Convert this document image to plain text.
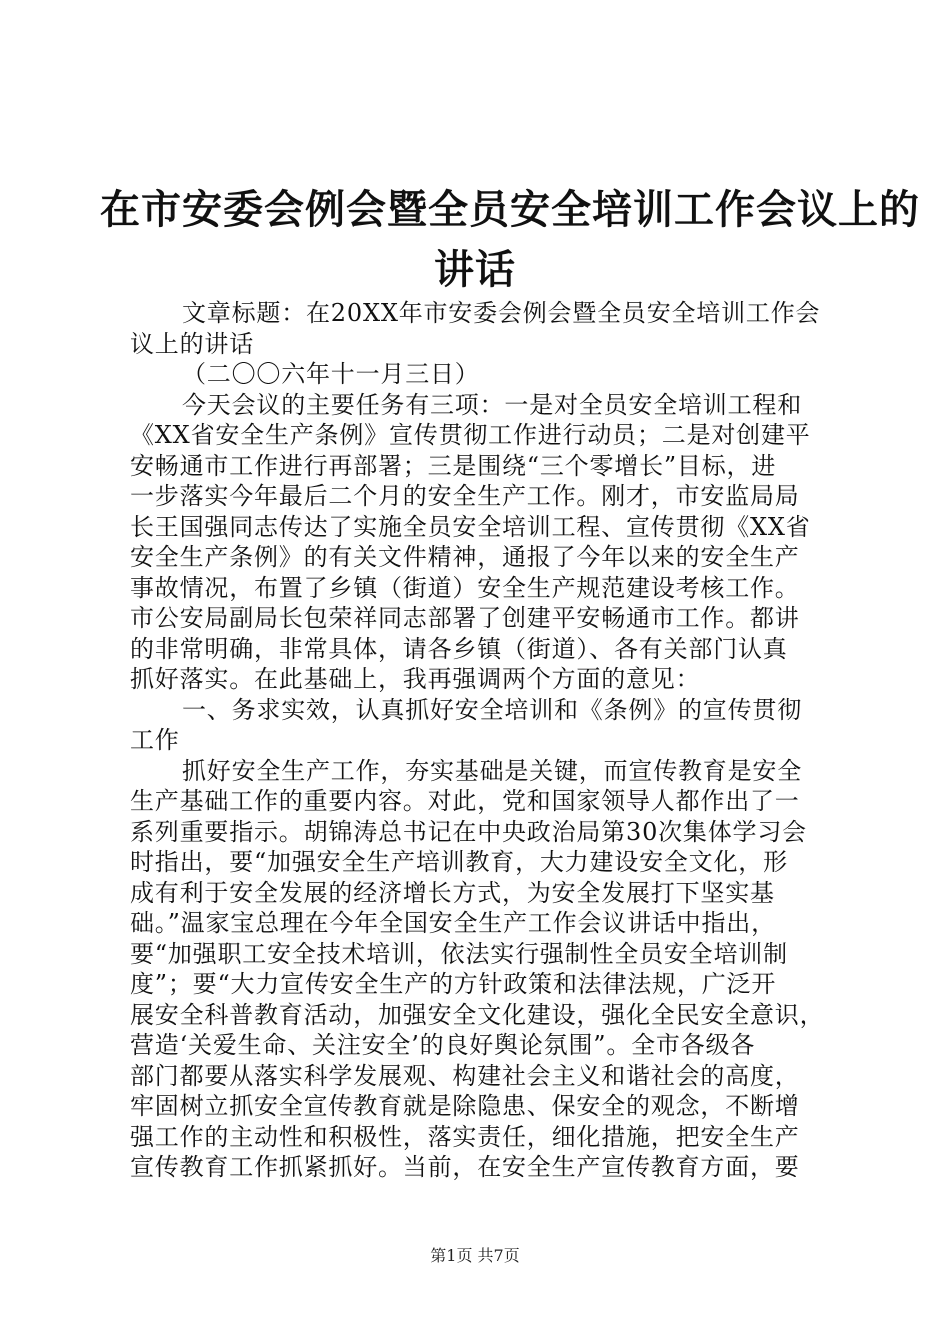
在市安委会例会暨全员安全培训工作会议上的
讲话
文章标题：在20XX年市安委会例会暨全员安全培训工作会
议上的讲话
（二〇〇六年十一月三日）
今天会议的主要任务有三项：一是对全员安全培训工程和
《XX省安全生产条例》宣传贯彻工作进行动员；二是对创建平
安畅通市工作进行再部署；三是围绕“三个零增长”目标，进
一步落实今年最后二个月的安全生产工作。刚才，市安监局局
长王国强同志传达了实施全员安全培训工程、宣传贯彻《XX省
安全生产条例》的有关文件精神，通报了今年以来的安全生产
事故情况，布置了乡镇（街道）安全生产规范建设考核工作。
市公安局副局长包荣祥同志部署了创建平安畅通市工作。都讲
的非常明确，非常具体，请各乡镇（街道）、各有关部门认真
抓好落实。在此基础上，我再强调两个方面的意见：
一、务求实效，认真抓好安全培训和《条例》的宣传贯彻
工作
抓好安全生产工作，夯实基础是关键，而宣传教育是安全
生产基础工作的重要内容。对此，党和国家领导人都作出了一
系列重要指示。胡锦涛总书记在中央政治局第30次集体学习会
时指出，要“加强安全生产培训教育，大力建设安全文化，形
成有利于安全发展的经济增长方式，为安全发展打下坚实基
础。”温家宝总理在今年全国安全生产工作会议讲话中指出，
要“加强职工安全技术培训，依法实行强制性全员安全培训制
度”；要“大力宣传安全生产的方针政策和法律法规，广泛开
展安全科普教育活动，加强安全文化建设，强化全民安全意识，
营造‘关爱生命、关注安全’的良好舆论氛围”。全市各级各
部门都要从落实科学发展观、构建社会主义和谐社会的高度，
牢固树立抓安全宣传教育就是除隐患、保安全的观念，不断增
强工作的主动性和积极性，落实责任，细化措施，把安全生产
宣传教育工作抓紧抓好。当前，在安全生产宣传教育方面，要
第1页 共7页
